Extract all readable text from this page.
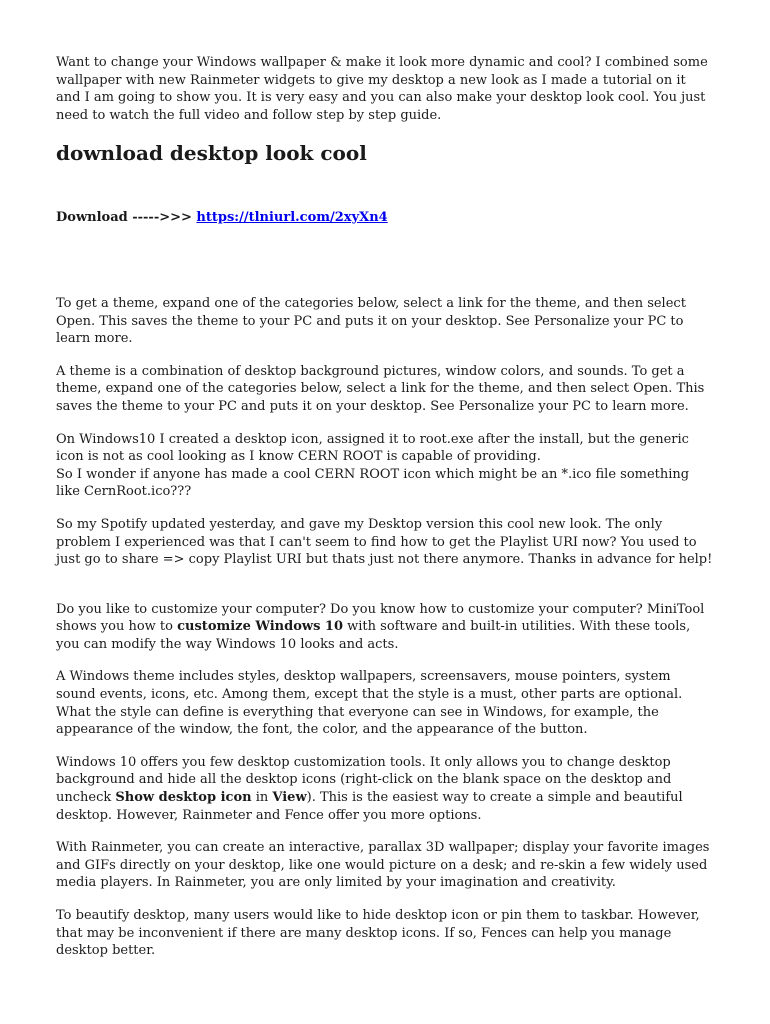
Want to change your Windows wallpaper & make it look more dynamic and cool? I combined some wallpaper with new Rainmeter widgets to give my desktop a new look as I made a tutorial on it and I am going to show you. It is very easy and you can also make your desktop look cool. You just need to watch the full video and follow step by step guide.

download desktop look cool

Download ----->>> https://tlniurl.com/2xyXn4

To get a theme, expand one of the categories below, select a link for the theme, and then select Open. This saves the theme to your PC and puts it on your desktop. See Personalize your PC to learn more.

A theme is a combination of desktop background pictures, window colors, and sounds. To get a theme, expand one of the categories below, select a link for the theme, and then select Open. This saves the theme to your PC and puts it on your desktop. See Personalize your PC to learn more.

On Windows10 I created a desktop icon, assigned it to root.exe after the install, but the generic icon is not as cool looking as I know CERN ROOT is capable of providing.
So I wonder if anyone has made a cool CERN ROOT icon which might be an *.ico file something like CernRoot.ico???

So my Spotify updated yesterday, and gave my Desktop version this cool new look. The only problem I experienced was that I can't seem to find how to get the Playlist URI now? You used to just go to share => copy Playlist URI but thats just not there anymore. Thanks in advance for help!

Do you like to customize your computer? Do you know how to customize your computer? MiniTool shows you how to customize Windows 10 with software and built-in utilities. With these tools, you can modify the way Windows 10 looks and acts.

A Windows theme includes styles, desktop wallpapers, screensavers, mouse pointers, system sound events, icons, etc. Among them, except that the style is a must, other parts are optional. What the style can define is everything that everyone can see in Windows, for example, the appearance of the window, the font, the color, and the appearance of the button.

Windows 10 offers you few desktop customization tools. It only allows you to change desktop background and hide all the desktop icons (right-click on the blank space on the desktop and uncheck Show desktop icon in View). This is the easiest way to create a simple and beautiful desktop. However, Rainmeter and Fence offer you more options.

With Rainmeter, you can create an interactive, parallax 3D wallpaper; display your favorite images and GIFs directly on your desktop, like one would picture on a desk; and re-skin a few widely used media players. In Rainmeter, you are only limited by your imagination and creativity.

To beautify desktop, many users would like to hide desktop icon or pin them to taskbar. However, that may be inconvenient if there are many desktop icons. If so, Fences can help you manage desktop better.
